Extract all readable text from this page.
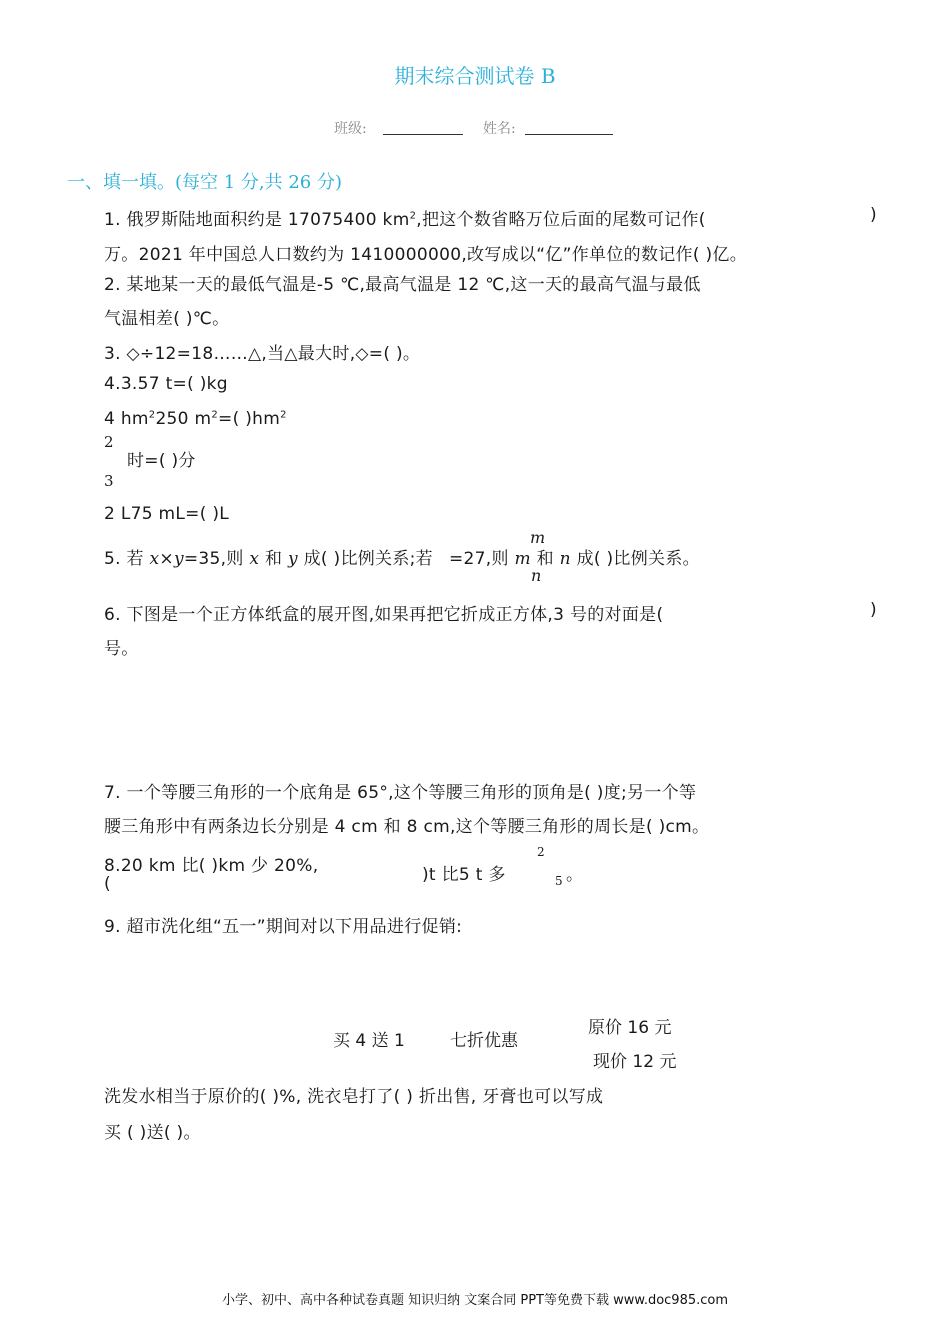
期末综合测试卷 B
班级:	姓名:
一、填一填。(每空 1 分,共 26 分)
1. 俄罗斯陆地面积约是 17075400 $km^2$,把这个数省略万位后面的尾数可记作(	)
万。2021 年中国总人口数约为 1410000000,改写成以“亿”作单位的数记作( )亿。
2. 某地某一天的最低气温是-5 ℃,最高气温是 12 ℃,这一天的最高气温与最低
气温相差( )℃。
3. ◇÷12=18……△,当△最大时,◇=( )。
4.3.57 t=( )kg
4 $hm^2250$ $m^2=$( )$hm^2$
2
3
时=( )分
2 L75 mL=( )L
5. 若 x×y=35,则 x 和 y 成( )比例关系;若 =27,则 m 和 n 成( )比例关系。
m
n
6. 下图是一个正方体纸盒的展开图,如果再把它折成正方体,3 号的对面是(	)
号。
7. 一个等腰三角形的一个底角是 65°,这个等腰三角形的顶角是( )度;另一个等
腰三角形中有两条边长分别是 4 cm 和 8 cm,这个等腰三角形的周长是( )cm。
8.20 km 比( )km 少 20%,
(	)t 比5 t 多
2
5 。
9. 超市洗化组“五一”期间对以下用品进行促销:
买 4 送 1	七折优惠
原价 16 元
现价 12 元
洗发水相当于原价的( )%, 洗衣皂打了( ) 折出售, 牙膏也可以写成
买 ( )送( )。
小学、初中、高中各种试卷真题 知识归纳 文案合同 PPT等免费下载 www.doc985.com
